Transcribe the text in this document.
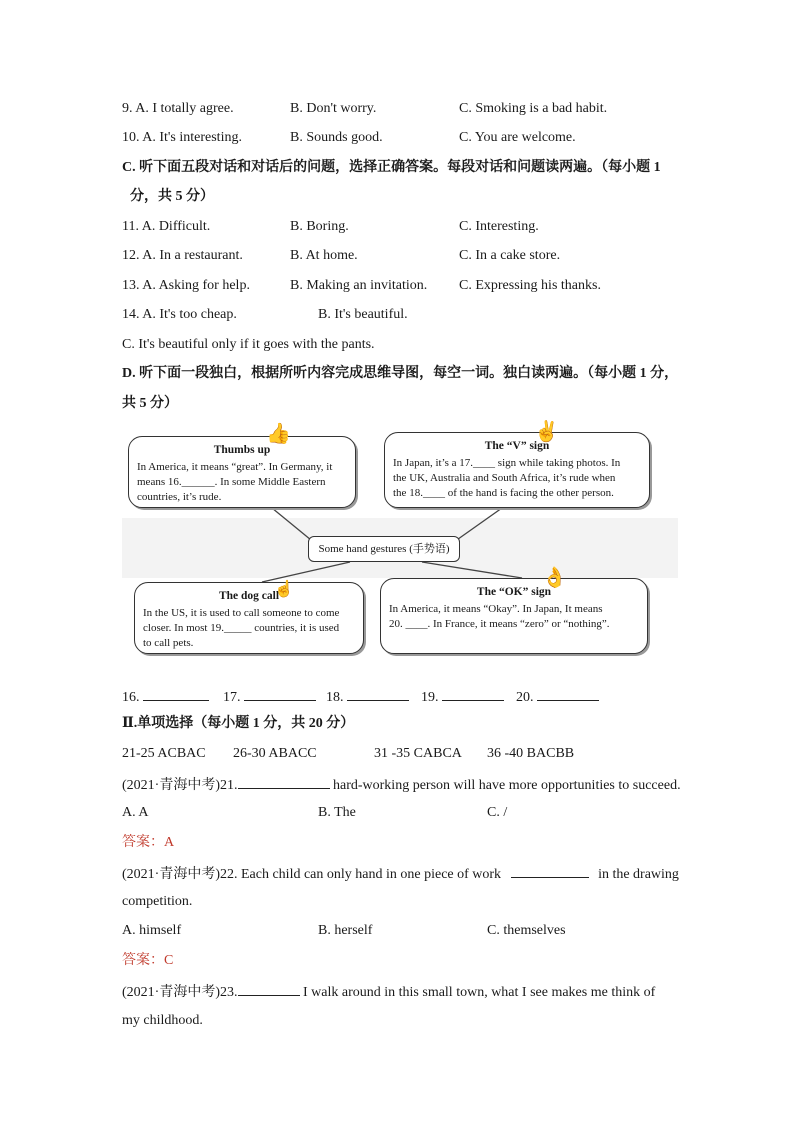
9. A. I totally agree.	B. Don't worry.	C. Smoking is a bad habit.
10. A. It's interesting.	B. Sounds good.	C. You are welcome.
C. 听下面五段对话和对话后的问题，选择正确答案。每段对话和问题读两遍。（每小题 1
分，共 5 分）
11. A. Difficult.	B. Boring.	C. Interesting.
12. A. In a restaurant.	B. At home.	C. In a cake store.
13. A. Asking for help.	B. Making an invitation. C. Expressing his thanks.
14. A. It's too cheap.	B. It's beautiful.
C. It's beautiful only if it goes with the pants.
D. 听下面一段独白，根据所听内容完成思维导图，每空一词。独白读两遍。（每小题 1 分，
共 5 分）
Thumbs up
In America, it means “great”. In Germany, it
means 16.______. In some Middle Eastern
countries, it’s rude.
👍
The “V” sign
In Japan, it’s a 17.____ sign while taking photos. In
the UK, Australia and South Africa, it’s rude when
the 18.____ of the hand is facing the other person.
✌
Some hand gestures (手势语)
The dog call
In the US, it is used to call someone to come
closer. In most 19._____ countries, it is used
to call pets.
☝	The “OK” sign
In America, it means “Okay”. In Japan, It means
20. ____. In France, it means “zero” or “nothing”.
👌
16.	17.	18.	19.	20.
Ⅱ.单项选择（每小题 1 分，共 20 分）
21-25 ACBAC 26-30 ABACC	31 -35 CABCA 36 -40 BACBB
(2021·青海中考)21.	hard-working person will have more opportunities to succeed.
A. A	B. The	C. /
答案：A
(2021·青海中考)22. Each child can only hand in one piece of work	in the drawing
competition.
A. himself	B. herself	C. themselves
答案：C
(2021·青海中考)23.	I walk around in this small town, what I see makes me think of
my childhood.
